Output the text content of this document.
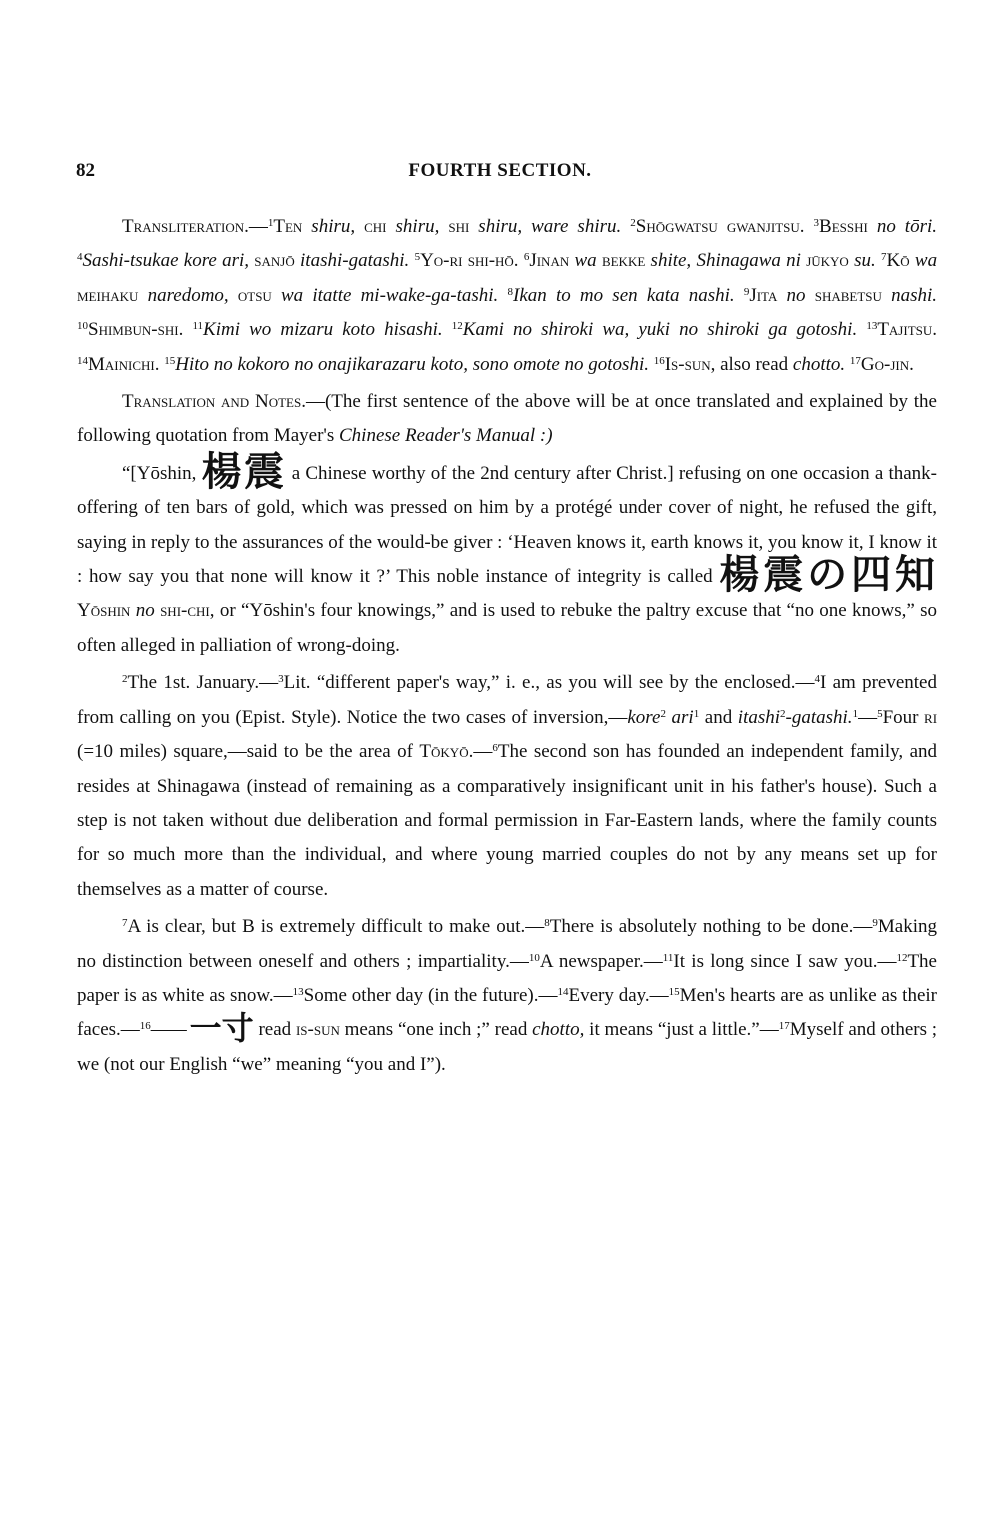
82	FOURTH SECTION.

Transliteration.—$^1$Ten shiru, chi shiru, shi shiru, ware shiru. $^2$Shōgwatsu gwanjitsu. $^3$Besshi no tōri. $^4$Sashi-tsukae kore ari, sanjō itashi-gatashi. $^5$Yo-ri shi-hō. $^6$Jinan wa bekke shite, Shinagawa ni jūkyo su. $^7$Kō wa meihaku naredomo, otsu wa itatte mi-wake-ga-tashi. $^8$Ikan to mo sen kata nashi. $^9$Jita no shabetsu nashi. $^{10}$Shimbun-shi. $^{11}$Kimi wo mizaru koto hisashi. $^{12}$Kami no shiroki wa, yuki no shiroki ga gotoshi. $^{13}$Tajitsu. $^{14}$Mainichi. $^{15}$Hito no kokoro no onajikarazaru koto, sono omote no gotoshi. $^{16}$Is-sun, also read chotto. $^{17}$Go-jin.

Translation and Notes.—(The first sentence of the above will be at once translated and explained by the following quotation from Mayer's Chinese Reader's Manual :)

“[Yōshin, 楊震 a Chinese worthy of the 2nd century after Christ.] refusing on one occasion a thank-offering of ten bars of gold, which was pressed on him by a protégé under cover of night, he refused the gift, saying in reply to the assurances of the would-be giver : ‘Heaven knows it, earth knows it, you know it, I know it : how say you that none will know it ?’ This noble instance of integrity is called 楊震の四知 Yōshin no shi-chi, or “Yōshin's four knowings,” and is used to rebuke the paltry excuse that “no one knows,” so often alleged in palliation of wrong-doing.

$^2$The 1st. January.—$^3$Lit. “different paper's way,” i. e., as you will see by the enclosed.—$^4$I am prevented from calling on you (Epist. Style). Notice the two cases of inversion,—kore$^2$ ari$^1$ and itashi$^2$-gatashi.$^1$—$^5$Four ri (=10 miles) square,—said to be the area of Tōkyō.—$^6$The second son has founded an independent family, and resides at Shinagawa (instead of remaining as a comparatively insignificant unit in his father's house). Such a step is not taken without due deliberation and formal permission in Far-Eastern lands, where the family counts for so much more than the individual, and where young married couples do not by any means set up for themselves as a matter of course.

$^7$A is clear, but B is extremely difficult to make out.—$^8$There is absolutely nothing to be done.—$^9$Making no distinction between oneself and others ; impartiality.—$^{10}$A newspaper.—$^{11}$It is long since I saw you.—$^{12}$The paper is as white as snow.—$^{13}$Some other day (in the future).—$^{14}$Every day.—$^{15}$Men's hearts are as unlike as their faces.—$^{16}$—— 一寸 read is-sun means “one inch ;” read chotto, it means “just a little.”—$^{17}$Myself and others ; we (not our English “we” meaning “you and I”).
